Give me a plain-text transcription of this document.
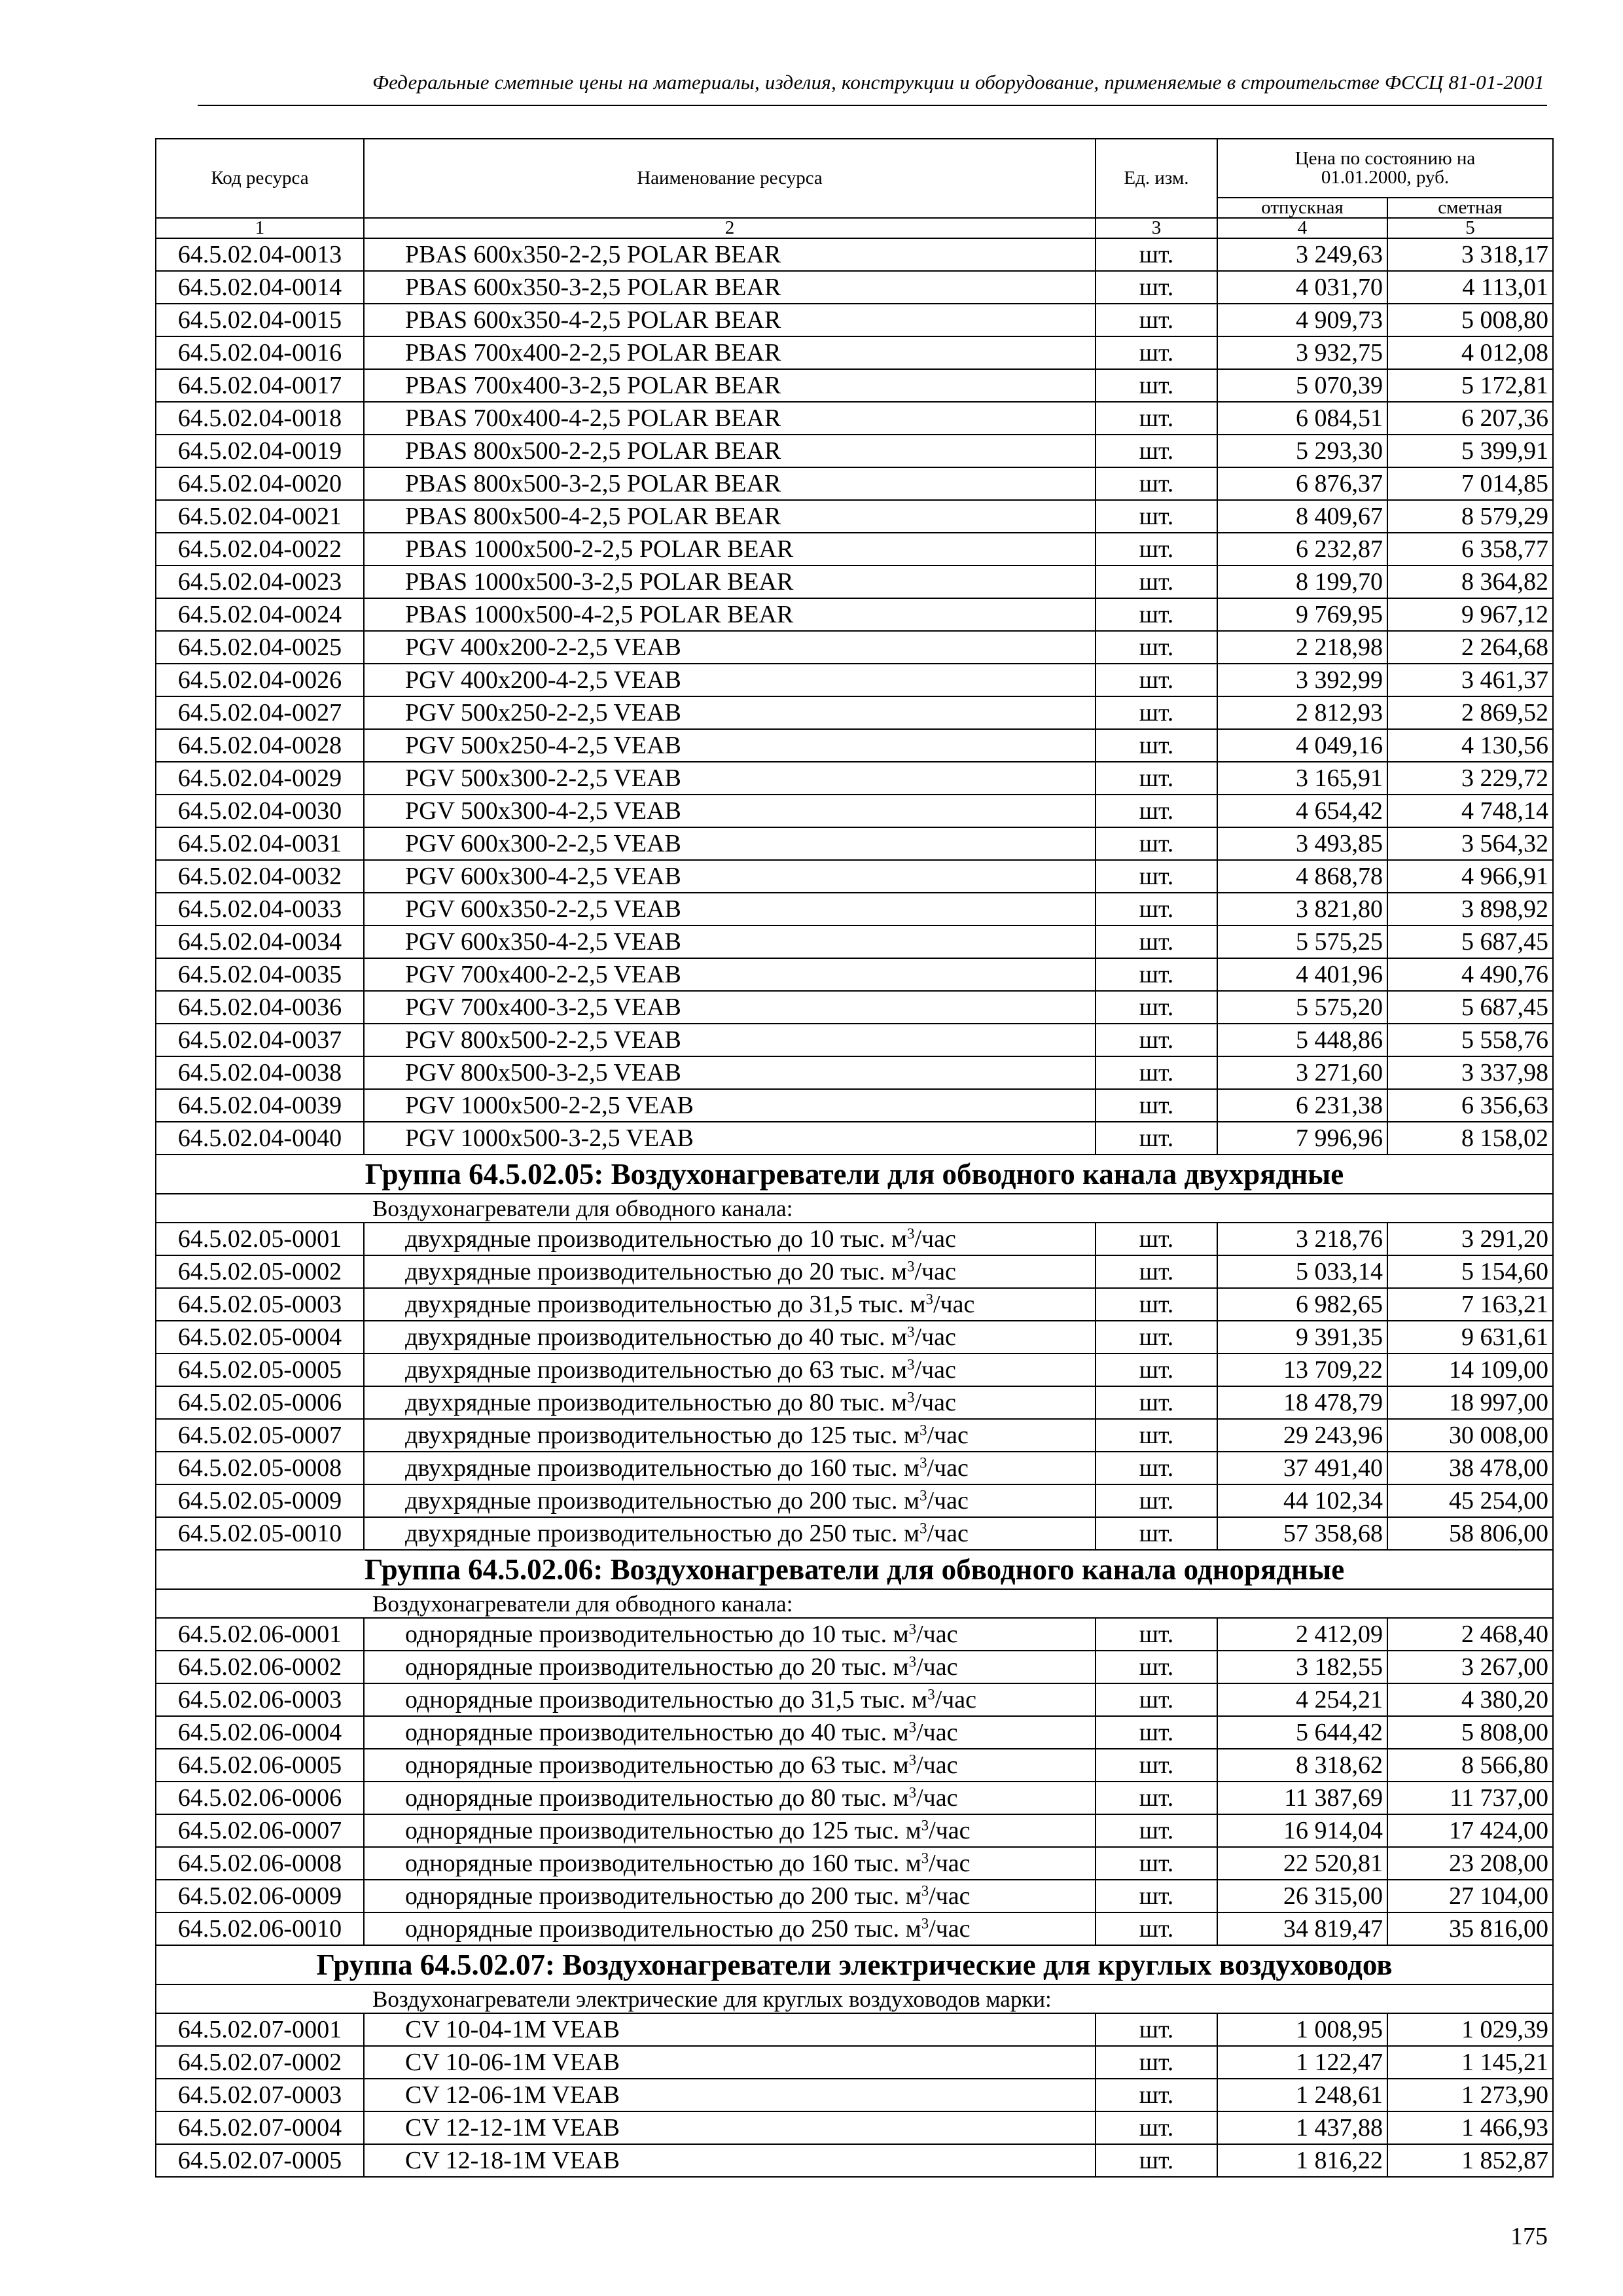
Федеральные сметные цены на материалы, изделия, конструкции и оборудование, применяемые в строительстве ФССЦ 81-01-2001
Код ресурса	Наименование ресурса	Ед. изм.	Цена по состоянию на 01.01.2000, руб.	
			отпускная	сметная
1	2	3	4	5
64.5.02.04-0013	PBAS 600x350-2-2,5 POLAR BEAR	шт.	3 249,63	3 318,17
64.5.02.04-0014	PBAS 600x350-3-2,5 POLAR BEAR	шт.	4 031,70	4 113,01
64.5.02.04-0015	PBAS 600x350-4-2,5 POLAR BEAR	шт.	4 909,73	5 008,80
64.5.02.04-0016	PBAS 700x400-2-2,5 POLAR BEAR	шт.	3 932,75	4 012,08
64.5.02.04-0017	PBAS 700x400-3-2,5 POLAR BEAR	шт.	5 070,39	5 172,81
64.5.02.04-0018	PBAS 700x400-4-2,5 POLAR BEAR	шт.	6 084,51	6 207,36
64.5.02.04-0019	PBAS 800x500-2-2,5 POLAR BEAR	шт.	5 293,30	5 399,91
64.5.02.04-0020	PBAS 800x500-3-2,5 POLAR BEAR	шт.	6 876,37	7 014,85
64.5.02.04-0021	PBAS 800x500-4-2,5 POLAR BEAR	шт.	8 409,67	8 579,29
64.5.02.04-0022	PBAS 1000x500-2-2,5 POLAR BEAR	шт.	6 232,87	6 358,77
64.5.02.04-0023	PBAS 1000x500-3-2,5 POLAR BEAR	шт.	8 199,70	8 364,82
64.5.02.04-0024	PBAS 1000x500-4-2,5 POLAR BEAR	шт.	9 769,95	9 967,12
64.5.02.04-0025	PGV 400x200-2-2,5 VEAB	шт.	2 218,98	2 264,68
64.5.02.04-0026	PGV 400x200-4-2,5 VEAB	шт.	3 392,99	3 461,37
64.5.02.04-0027	PGV 500x250-2-2,5 VEAB	шт.	2 812,93	2 869,52
64.5.02.04-0028	PGV 500x250-4-2,5 VEAB	шт.	4 049,16	4 130,56
64.5.02.04-0029	PGV 500x300-2-2,5 VEAB	шт.	3 165,91	3 229,72
64.5.02.04-0030	PGV 500x300-4-2,5 VEAB	шт.	4 654,42	4 748,14
64.5.02.04-0031	PGV 600x300-2-2,5 VEAB	шт.	3 493,85	3 564,32
64.5.02.04-0032	PGV 600x300-4-2,5 VEAB	шт.	4 868,78	4 966,91
64.5.02.04-0033	PGV 600x350-2-2,5 VEAB	шт.	3 821,80	3 898,92
64.5.02.04-0034	PGV 600x350-4-2,5 VEAB	шт.	5 575,25	5 687,45
64.5.02.04-0035	PGV 700x400-2-2,5 VEAB	шт.	4 401,96	4 490,76
64.5.02.04-0036	PGV 700x400-3-2,5 VEAB	шт.	5 575,20	5 687,45
64.5.02.04-0037	PGV 800x500-2-2,5 VEAB	шт.	5 448,86	5 558,76
64.5.02.04-0038	PGV 800x500-3-2,5 VEAB	шт.	3 271,60	3 337,98
64.5.02.04-0039	PGV 1000x500-2-2,5 VEAB	шт.	6 231,38	6 356,63
64.5.02.04-0040	PGV 1000x500-3-2,5 VEAB	шт.	7 996,96	8 158,02
Группа 64.5.02.05: Воздухонагреватели для обводного канала двухрядные				
Воздухонагреватели для обводного канала:				
64.5.02.05-0001	двухрядные производительностью до 10 тыс. $м^3$/час	шт.	3 218,76	3 291,20
64.5.02.05-0002	двухрядные производительностью до 20 тыс. $м^3$/час	шт.	5 033,14	5 154,60
64.5.02.05-0003	двухрядные производительностью до 31,5 тыс. $м^3$/час	шт.	6 982,65	7 163,21
64.5.02.05-0004	двухрядные производительностью до 40 тыс. $м^3$/час	шт.	9 391,35	9 631,61
64.5.02.05-0005	двухрядные производительностью до 63 тыс. $м^3$/час	шт.	13 709,22	14 109,00
64.5.02.05-0006	двухрядные производительностью до 80 тыс. $м^3$/час	шт.	18 478,79	18 997,00
64.5.02.05-0007	двухрядные производительностью до 125 тыс. $м^3$/час	шт.	29 243,96	30 008,00
64.5.02.05-0008	двухрядные производительностью до 160 тыс. $м^3$/час	шт.	37 491,40	38 478,00
64.5.02.05-0009	двухрядные производительностью до 200 тыс. $м^3$/час	шт.	44 102,34	45 254,00
64.5.02.05-0010	двухрядные производительностью до 250 тыс. $м^3$/час	шт.	57 358,68	58 806,00
Группа 64.5.02.06: Воздухонагреватели для обводного канала однорядные				
Воздухонагреватели для обводного канала:				
64.5.02.06-0001	однорядные производительностью до 10 тыс. $м^3$/час	шт.	2 412,09	2 468,40
64.5.02.06-0002	однорядные производительностью до 20 тыс. $м^3$/час	шт.	3 182,55	3 267,00
64.5.02.06-0003	однорядные производительностью до 31,5 тыс. $м^3$/час	шт.	4 254,21	4 380,20
64.5.02.06-0004	однорядные производительностью до 40 тыс. $м^3$/час	шт.	5 644,42	5 808,00
64.5.02.06-0005	однорядные производительностью до 63 тыс. $м^3$/час	шт.	8 318,62	8 566,80
64.5.02.06-0006	однорядные производительностью до 80 тыс. $м^3$/час	шт.	11 387,69	11 737,00
64.5.02.06-0007	однорядные производительностью до 125 тыс. $м^3$/час	шт.	16 914,04	17 424,00
64.5.02.06-0008	однорядные производительностью до 160 тыс. $м^3$/час	шт.	22 520,81	23 208,00
64.5.02.06-0009	однорядные производительностью до 200 тыс. $м^3$/час	шт.	26 315,00	27 104,00
64.5.02.06-0010	однорядные производительностью до 250 тыс. $м^3$/час	шт.	34 819,47	35 816,00
Группа 64.5.02.07: Воздухонагреватели электрические для круглых воздуховодов				
Воздухонагреватели электрические для круглых воздуховодов марки:				
64.5.02.07-0001	CV 10-04-1M VEAB	шт.	1 008,95	1 029,39
64.5.02.07-0002	CV 10-06-1M VEAB	шт.	1 122,47	1 145,21
64.5.02.07-0003	CV 12-06-1M VEAB	шт.	1 248,61	1 273,90
64.5.02.07-0004	CV 12-12-1M VEAB	шт.	1 437,88	1 466,93
64.5.02.07-0005	CV 12-18-1M VEAB	шт.	1 816,22	1 852,87
175
